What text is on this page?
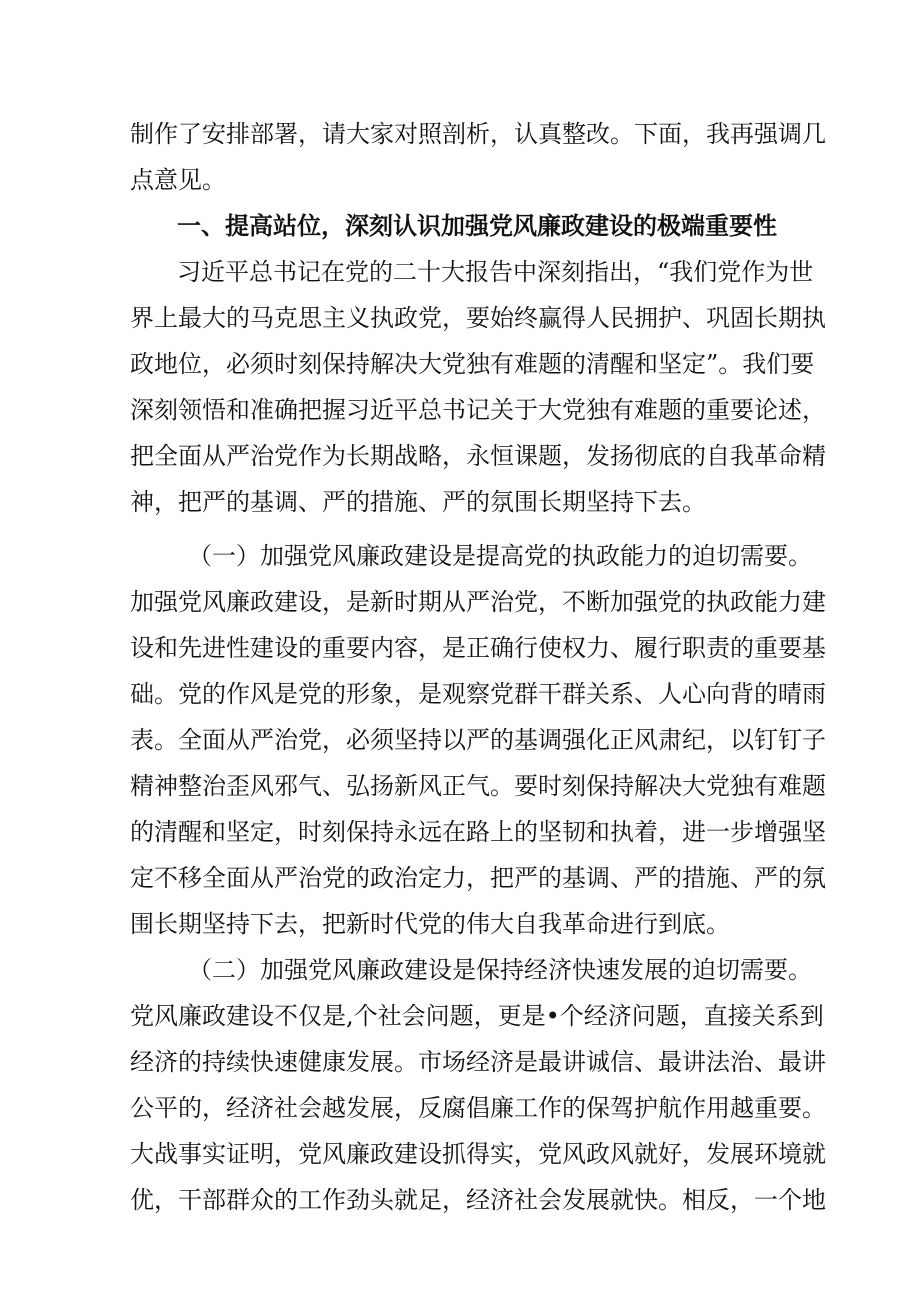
制作了安排部署，请大家对照剖析，认真整改。下面，我再强调几
点意见。
一、提高站位，深刻认识加强党风廉政建设的极端重要性
习近平总书记在党的二十大报告中深刻指出，“我们党作为世
界上最大的马克思主义执政党，要始终赢得人民拥护、巩固长期执
政地位，必须时刻保持解决大党独有难题的清醒和坚定”。我们要
深刻领悟和准确把握习近平总书记关于大党独有难题的重要论述，
把全面从严治党作为长期战略，永恒课题，发扬彻底的自我革命精
神，把严的基调、严的措施、严的氛围长期坚持下去。
（一）加强党风廉政建设是提高党的执政能力的迫切需要。
加强党风廉政建设，是新时期从严治党，不断加强党的执政能力建
设和先进性建设的重要内容，是正确行使权力、履行职责的重要基
础。党的作风是党的形象，是观察党群干群关系、人心向背的晴雨
表。全面从严治党，必须坚持以严的基调强化正风肃纪，以钉钉子
精神整治歪风邪气、弘扬新风正气。要时刻保持解决大党独有难题
的清醒和坚定，时刻保持永远在路上的坚韧和执着，进一步增强坚
定不移全面从严治党的政治定力，把严的基调、严的措施、严的氛
围长期坚持下去，把新时代党的伟大自我革命进行到底。
（二）加强党风廉政建设是保持经济快速发展的迫切需要。
党风廉政建设不仅是,个社会问题，更是•个经济问题，直接关系到
经济的持续快速健康发展。市场经济是最讲诚信、最讲法治、最讲
公平的，经济社会越发展，反腐倡廉工作的保驾护航作用越重要。
大战事实证明，党风廉政建设抓得实，党风政风就好，发展环境就
优，干部群众的工作劲头就足，经济社会发展就快。相反，一个地
